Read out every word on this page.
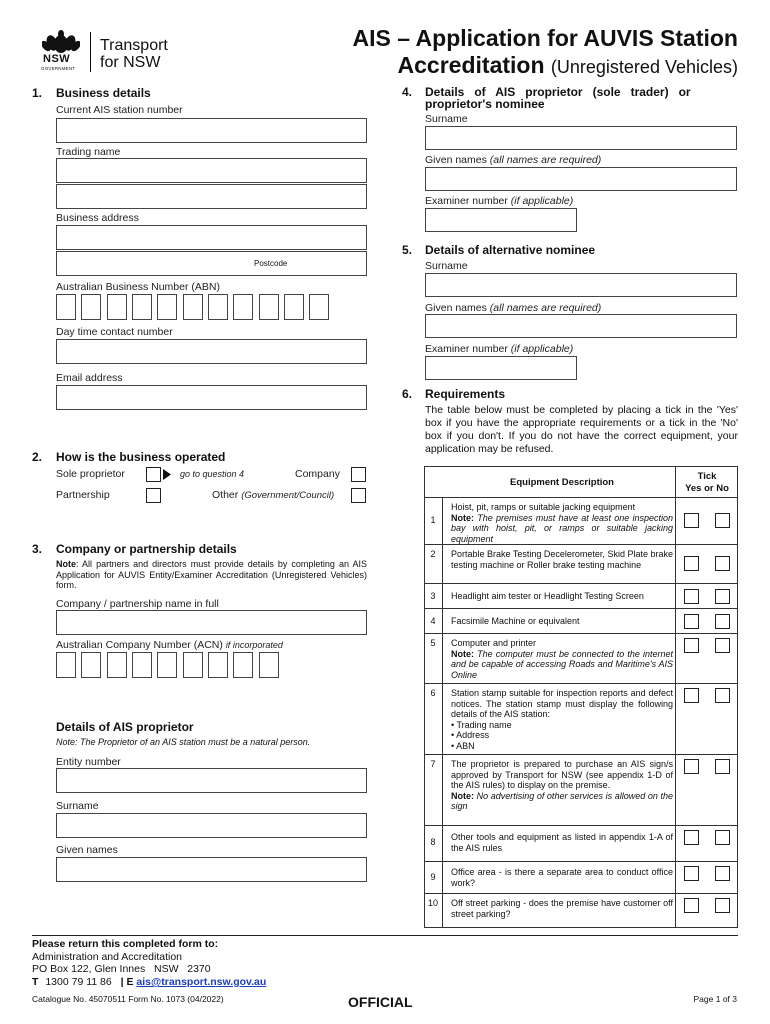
NSW
GOVERNMENT
Transport
for NSW
AIS – Application for AUVIS Station
Accreditation (Unregistered Vehicles)
1. Business details
Current AIS station number
Trading name
Business address
Postcode
Australian Business Number (ABN)
Day time contact number
Email address
2. How is the business operated
Sole proprietor	go to question 4	Company
Partnership	Other (Government/Council)
3. Company or partnership details
Note: All partners and directors must provide details by completing an AIS Application for AUVIS Entity/Examiner Accreditation (Unregistered Vehicles) form.
Company / partnership name in full
Australian Company Number (ACN) if incorporated
Details of AIS proprietor
Note: The Proprietor of an AIS station must be a natural person.
Entity number
Surname
Given names
4. Details   of   AIS   proprietor   (sole   trader)   or
proprietor's nominee
Surname
Given names (all names are required)
Examiner number (if applicable)
5. Details of alternative nominee
Surname
Given names (all names are required)
Examiner number (if applicable)
6. Requirements
The table below must be completed by placing a tick in the 'Yes' box if you have the appropriate requirements or a tick in the 'No' box if you don't. If you do not have the correct equipment, your application may be refused.
Equipment Description
Tick
Yes or No
1
Hoist, pit, ramps or suitable jacking equipment
Note: The premises must have at least one inspection bay with hoist, pit, or ramps or suitable jacking equipment
2	Portable Brake Testing Decelerometer, Skid Plate brake testing machine or Roller brake testing machine
3	Headlight aim tester or Headlight Testing Screen
4	Facsimile Machine or equivalent
5	Computer and printer
Note: The computer must be connected to the internet and be capable of accessing Roads and Maritime's AIS Online
6	Station stamp suitable for inspection reports and defect notices. The station stamp must display the following details of the AIS station:
• Trading name
• Address
• ABN
7	The proprietor is prepared to purchase an AIS sign/s approved by Transport for NSW (see appendix 1-D of the AIS rules) to display on the premise.
Note: No advertising of other services is allowed on the sign
8	Other tools and equipment as listed in appendix 1-A of the AIS rules
9	Office area - is there a separate area to conduct office work?
10	Off street parking - does the premise have customer off street parking?
Please return this completed form to:
Administration and Accreditation
PO Box 122, Glen Innes   NSW   2370
T 1300 79 11 86 | E ais@transport.nsw.gov.au
Catalogue No. 45070511 Form No. 1073 (04/2022)	OFFICIAL	Page 1 of 3
